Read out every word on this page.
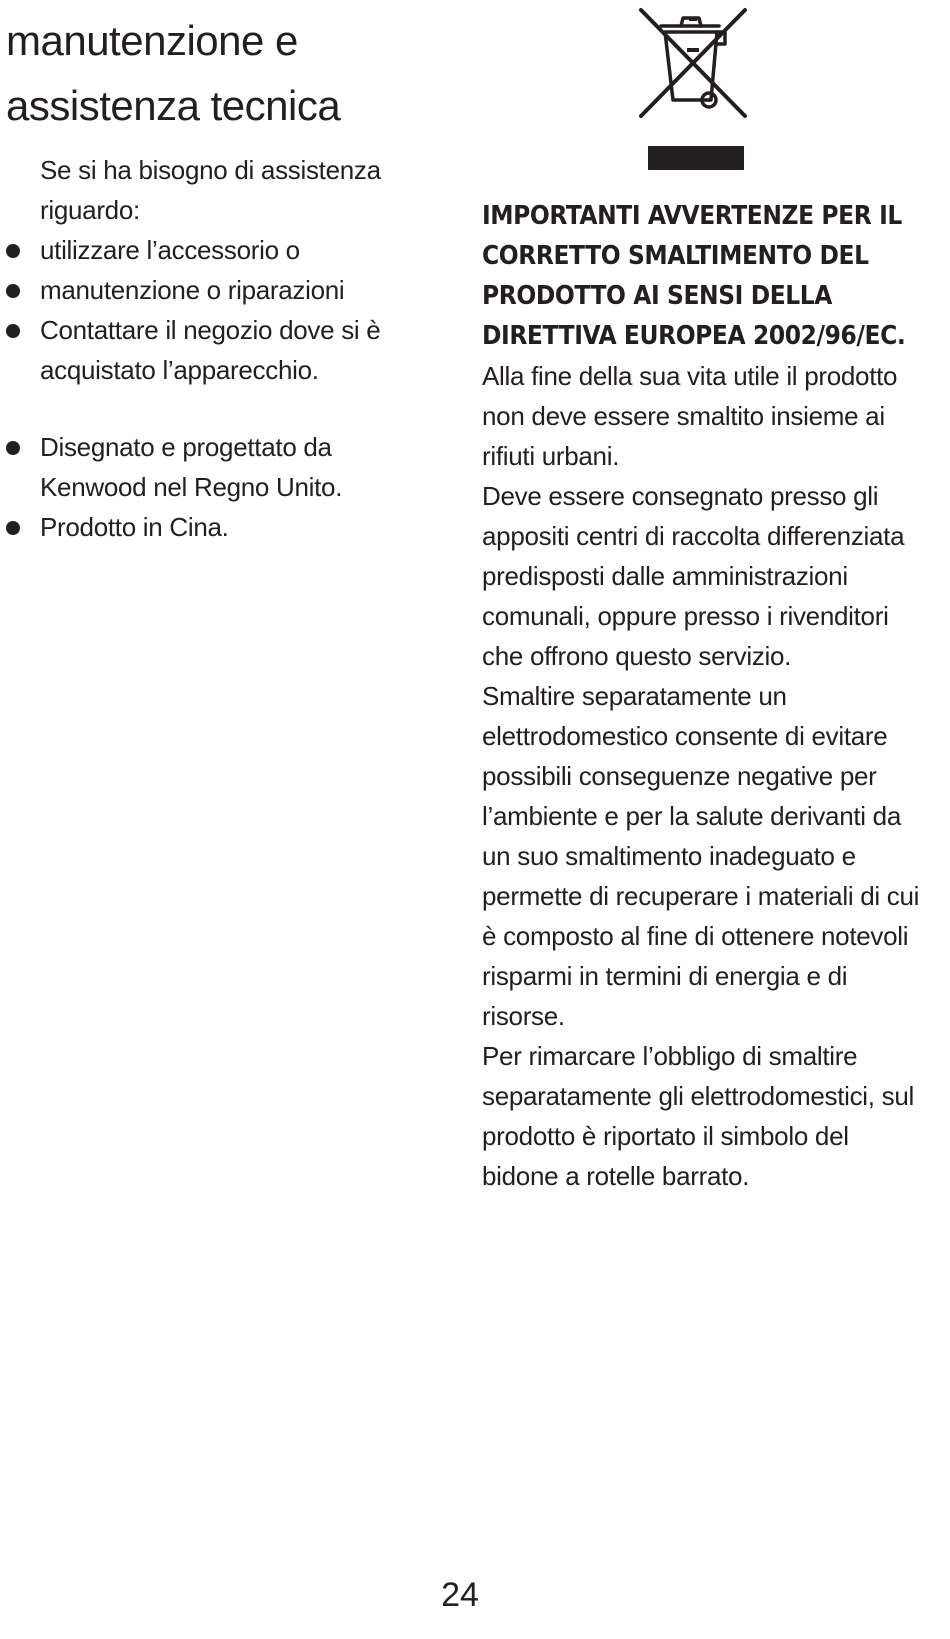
manutenzione e
assistenza tecnica

Se si ha bisogno di assistenza riguardo:

utilizzare l’accessorio o
manutenzione o riparazioni
Contattare il negozio dove si è acquistato l’apparecchio.
Disegnato e progettato da Kenwood nel Regno Unito.
Prodotto in Cina.
IMPORTANTI AVVERTENZE PER IL CORRETTO SMALTIMENTO DEL PRODOTTO AI SENSI DELLA DIRETTIVA EUROPEA 2002/96/EC.

Alla fine della sua vita utile il prodotto non deve essere smaltito insieme ai rifiuti urbani.

Deve essere consegnato presso gli appositi centri di raccolta differenziata predisposti dalle amministrazioni comunali, oppure presso i rivenditori che offrono questo servizio.

Smaltire separatamente un elettrodomestico consente di evitare possibili conseguenze negative per l’ambiente e per la salute derivanti da un suo smaltimento inadeguato e permette di recuperare i materiali di cui è composto al fine di ottenere notevoli risparmi in termini di energia e di risorse.

Per rimarcare l’obbligo di smaltire separatamente gli elettrodomestici, sul prodotto è riportato il simbolo del bidone a rotelle barrato.

24
